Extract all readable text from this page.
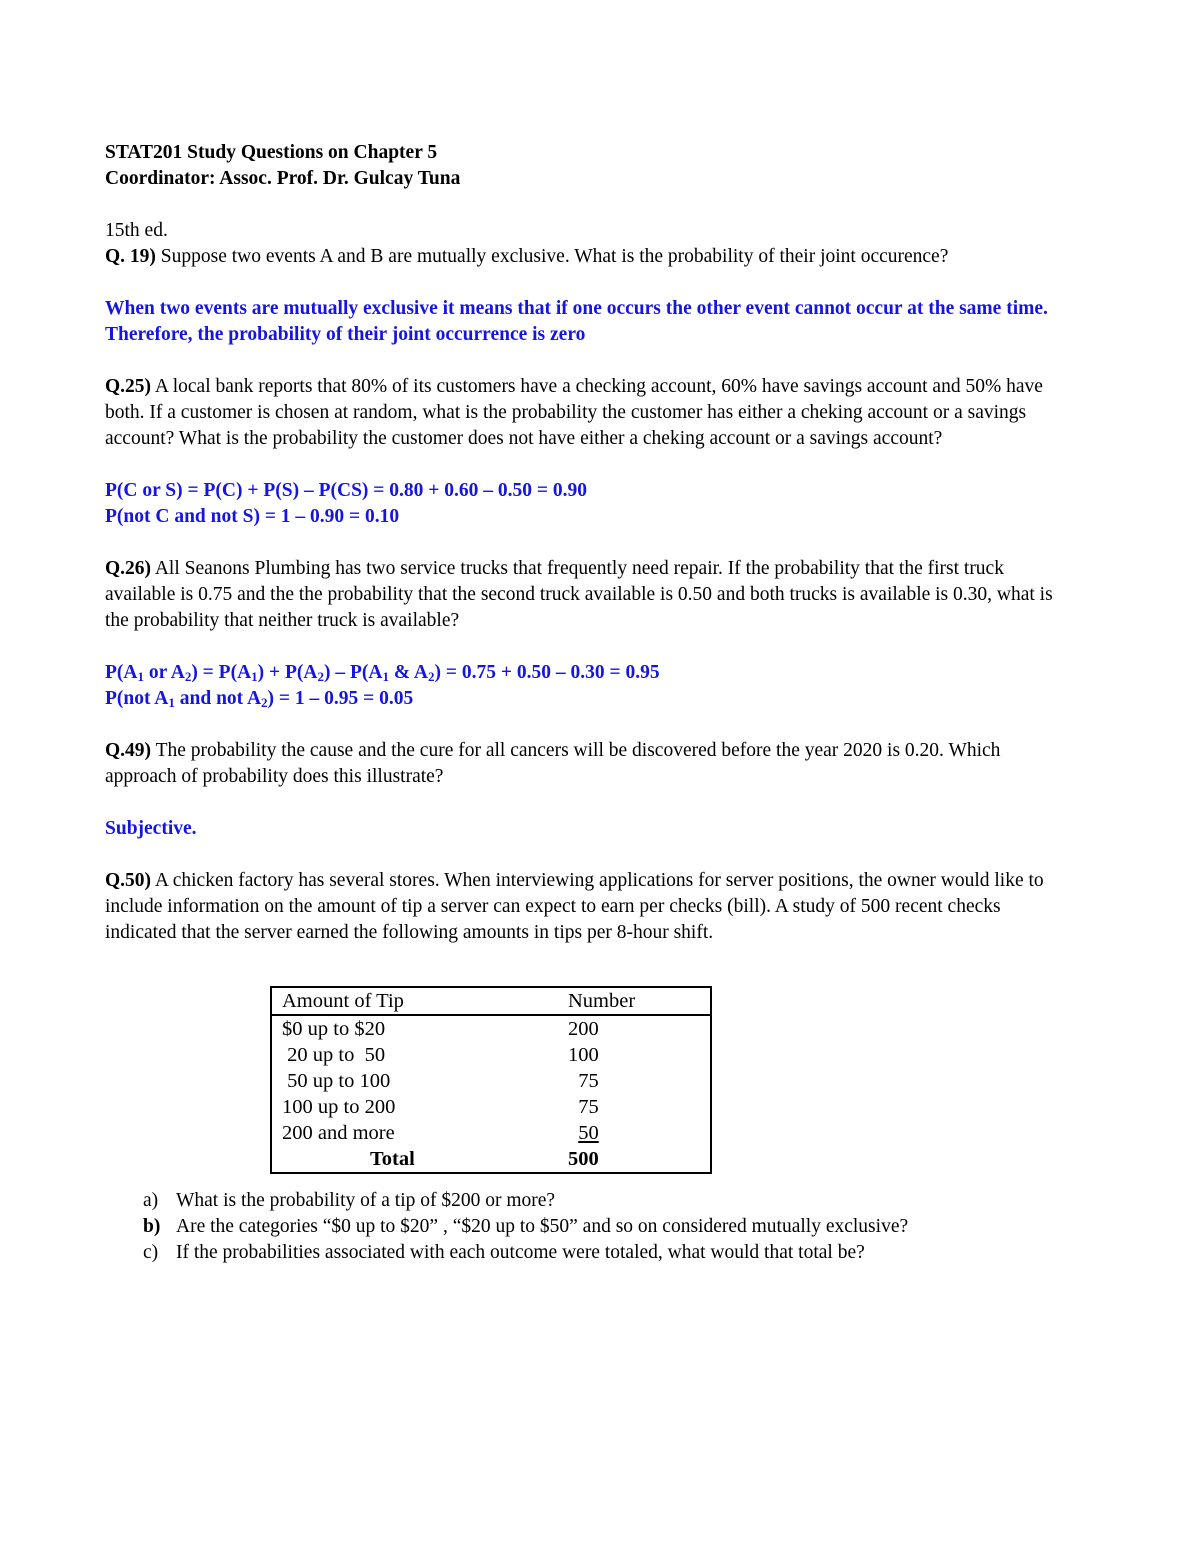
STAT201 Study Questions on Chapter 5

Coordinator: Assoc. Prof. Dr. Gulcay Tuna

15th ed.

Q. 19) Suppose two events A and B are mutually exclusive. What is the probability of their joint occurence?

When two events are mutually exclusive it means that if one occurs the other event cannot occur at the same time. Therefore, the probability of their joint occurrence is zero

Q.25) A local bank reports that 80% of its customers have a checking account, 60% have savings account and 50% have both. If a customer is chosen at random, what is the probability the customer has either a cheking account or a savings account? What is the probability the customer does not have either a cheking account or a savings account?

P(C or S) = P(C) + P(S) – P(CS) = 0.80 + 0.60 – 0.50 = 0.90

P(not C and not S) = 1 – 0.90 = 0.10

Q.26) All Seanons Plumbing has two service trucks that frequently need repair. If the probability that the first truck available is 0.75 and the the probability that the second truck available is 0.50 and both trucks is available is 0.30, what is the probability that neither truck is available?

$P(A_1$ or $A_2) = P(A_1) + P(A_2) - P(A_1$ & $A_2) = 0.75 + 0.50 - 0.30 = 0.95$

P(not $A_1$ and not $A_2) = 1 - 0.95 = 0.05$

Q.49) The probability the cause and the cure for all cancers will be discovered before the year 2020 is 0.20. Which approach of probability does this illustrate?

Subjective.

Q.50) A chicken factory has several stores. When interviewing applications for server positions, the owner would like to include information on the amount of tip a server can expect to earn per checks (bill). A study of 500 recent checks indicated that the server earned the following amounts in tips per 8-hour shift.

Amount of Tip	Number
$0 up to $20	200
20 up to  50	100
50 up to 100	75
100 up to 200	75
200 and more	50
Total	500
a) What is the probability of a tip of $200 or more?
b) Are the categories “$0 up to $20” , “$20 up to $50” and so on considered mutually exclusive?
c) If the probabilities associated with each outcome were totaled, what would that total be?
